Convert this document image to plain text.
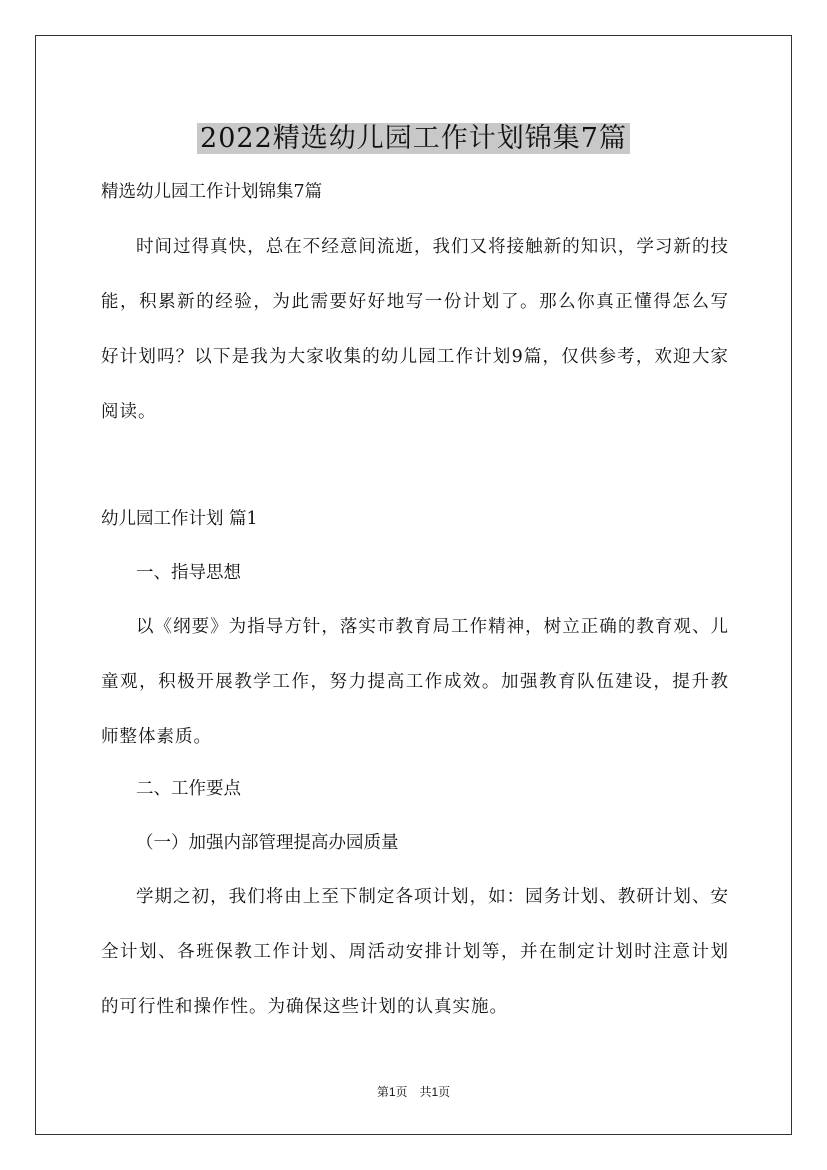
2022精选幼儿园工作计划锦集7篇

精选幼儿园工作计划锦集7篇

时间过得真快，总在不经意间流逝，我们又将接触新的知识，学习新的技能，积累新的经验，为此需要好好地写一份计划了。那么你真正懂得怎么写好计划吗？以下是我为大家收集的幼儿园工作计划9篇，仅供参考，欢迎大家阅读。

幼儿园工作计划 篇1

一、指导思想

以《纲要》为指导方针，落实市教育局工作精神，树立正确的教育观、儿童观，积极开展教学工作，努力提高工作成效。加强教育队伍建设，提升教师整体素质。

二、工作要点

（一）加强内部管理提高办园质量

学期之初，我们将由上至下制定各项计划，如：园务计划、教研计划、安全计划、各班保教工作计划、周活动安排计划等，并在制定计划时注意计划的可行性和操作性。为确保这些计划的认真实施。

第1页　共1页
